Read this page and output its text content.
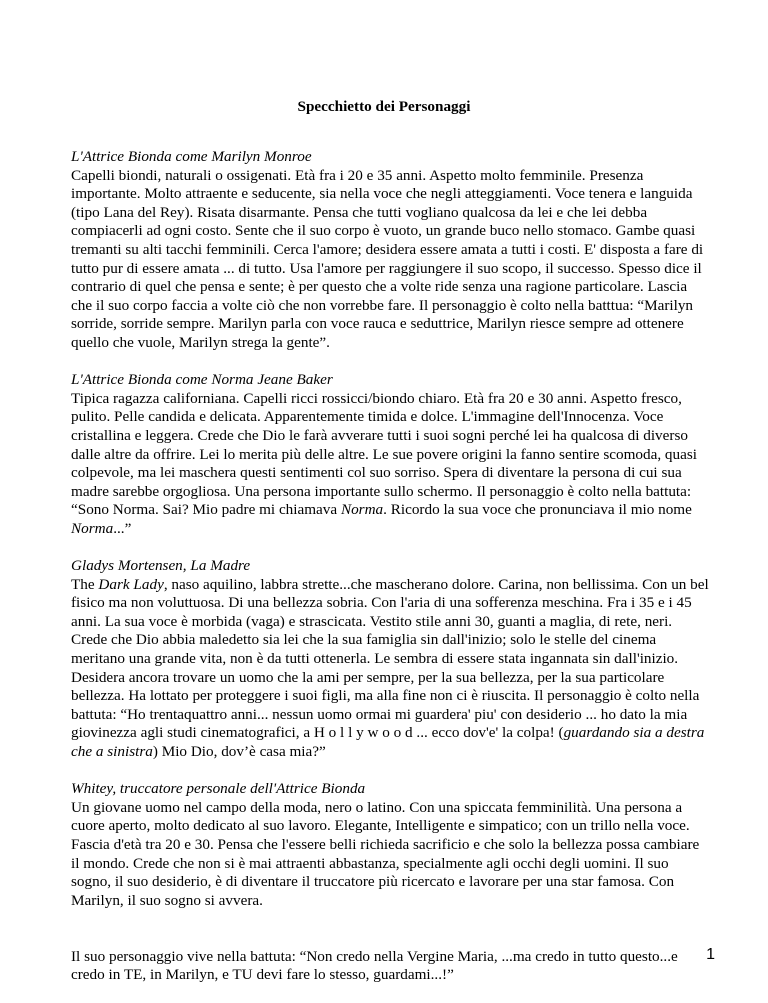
Specchietto dei Personaggi
L'Attrice Bionda come Marilyn Monroe
Capelli biondi, naturali o ossigenati. Età fra i 20 e 35 anni. Aspetto molto femminile. Presenza importante. Molto attraente e seducente, sia nella voce che negli atteggiamenti. Voce tenera e languida (tipo Lana del Rey). Risata disarmante. Pensa che tutti vogliano qualcosa da lei e che lei debba compiacerli ad ogni costo. Sente che il suo corpo è vuoto, un grande buco nello stomaco. Gambe quasi tremanti su alti tacchi femminili. Cerca l'amore; desidera essere amata a tutti i costi. E' disposta a fare di tutto pur di essere amata ... di tutto. Usa l'amore per raggiungere il suo scopo, il successo. Spesso dice il contrario di quel che pensa e sente; è per questo che a volte ride senza una ragione particolare. Lascia che il suo corpo faccia a volte ciò che non vorrebbe fare. Il personaggio è colto nella batttua: “Marilyn sorride, sorride sempre. Marilyn parla con voce rauca e seduttrice, Marilyn riesce sempre ad ottenere quello che vuole, Marilyn strega la gente”.
L'Attrice Bionda come Norma Jeane Baker
Tipica ragazza californiana. Capelli ricci rossicci/biondo chiaro. Età fra 20 e 30 anni. Aspetto fresco, pulito. Pelle candida e delicata. Apparentemente timida e dolce. L'immagine dell'Innocenza. Voce cristallina e leggera. Crede che Dio le farà avverare tutti i suoi sogni perché lei ha qualcosa di diverso dalle altre da offrire. Lei lo merita più delle altre. Le sue povere origini la fanno sentire scomoda, quasi colpevole, ma lei maschera questi sentimenti col suo sorriso. Spera di diventare la persona di cui sua madre sarebbe orgogliosa. Una persona importante sullo schermo. Il personaggio è colto nella battuta: “Sono Norma. Sai? Mio padre mi chiamava Norma. Ricordo la sua voce che pronunciava il mio nome Norma...”
Gladys Mortensen, La Madre
The Dark Lady, naso aquilino, labbra strette...che mascherano dolore. Carina, non bellissima. Con un bel fisico ma non voluttuosa. Di una bellezza sobria. Con l'aria di una sofferenza meschina. Fra i 35 e i 45 anni. La sua voce è morbida (vaga) e strascicata. Vestito stile anni 30, guanti a maglia, di rete, neri. Crede che Dio abbia maledetto sia lei che la sua famiglia sin dall'inizio; solo le stelle del cinema meritano una grande vita, non è da tutti ottenerla. Le sembra di essere stata ingannata sin dall'inizio. Desidera ancora trovare un uomo che la ami per sempre, per la sua bellezza, per la sua particolare bellezza. Ha lottato per proteggere i suoi figli, ma alla fine non ci è riuscita. Il personaggio è colto nella battuta: “Ho trentaquattro anni... nessun uomo ormai mi guardera' piu' con desiderio ... ho dato la mia giovinezza agli studi cinematografici, a H o l l y w o o d ... ecco dov'e' la colpa! (guardando sia a destra che a sinistra) Mio Dio, dov’è casa mia?”
Whitey, truccatore personale dell'Attrice Bionda
Un giovane uomo nel campo della moda, nero o latino. Con una spiccata femminilità. Una persona a cuore aperto, molto dedicato al suo lavoro. Elegante, Intelligente e simpatico; con un trillo nella voce. Fascia d'età tra 20 e 30. Pensa che l'essere belli richieda sacrificio e che solo la bellezza possa cambiare il mondo. Crede che non si è mai attraenti abbastanza, specialmente agli occhi degli uomini. Il suo sogno, il suo desiderio, è di diventare il truccatore più ricercato e lavorare per una star famosa. Con Marilyn, il suo sogno si avvera.
Il suo personaggio vive nella battuta: “Non credo nella Vergine Maria, ...ma credo in tutto questo...e credo in TE, in Marilyn, e TU devi fare lo stesso, guardami...!”
1
